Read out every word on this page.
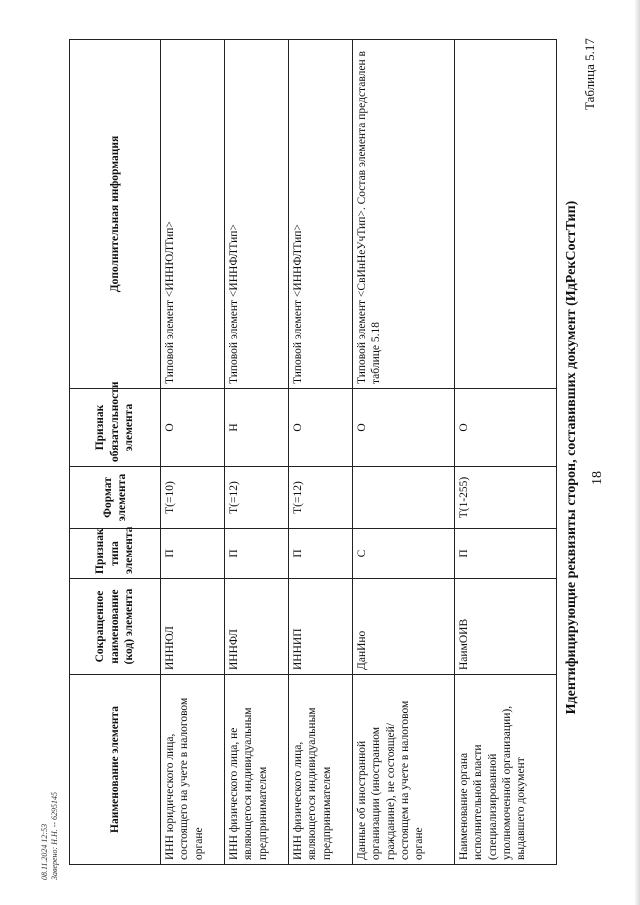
18
Таблица 5.17
Идентифицирующие реквизиты сторон, составивших документ (ИдРекСостТип)
Наименование элемента	Сокращенное наименование (код) элемента	Признак типа элемента	Формат элемента	Признак обязательности элемента	Дополнительная информация
ИНН юридического лица, состоящего на учете в налоговом органе	ИННЮЛ	П	T(=10)	О	Типовой элемент <ИННЮЛТип>
ИНН физического лица, не являющегося индивидуальным предпринимателем	ИННФЛ	П	T(=12)	Н	Типовой элемент <ИННФЛТип>
ИНН физического лица, являющегося индивидуальным предпринимателем	ИННИП	П	T(=12)	О	Типовой элемент <ИННФЛТип>
Данные об иностранной организации (иностранном гражданине), не состоящей/состоящем на учете в налоговом органе	ДанИно	С		О	Типовой элемент <СвИнНеУчТип>. Состав элемента представлен в таблице 5.18
Наименование органа исполнительной власти (специализированной уполномоченной организации), выдавшего документ	НаимОИВ	П	T(1-255)	О	
08.11.2024 12:53 Заверено: Н.Н. -- 6295145
